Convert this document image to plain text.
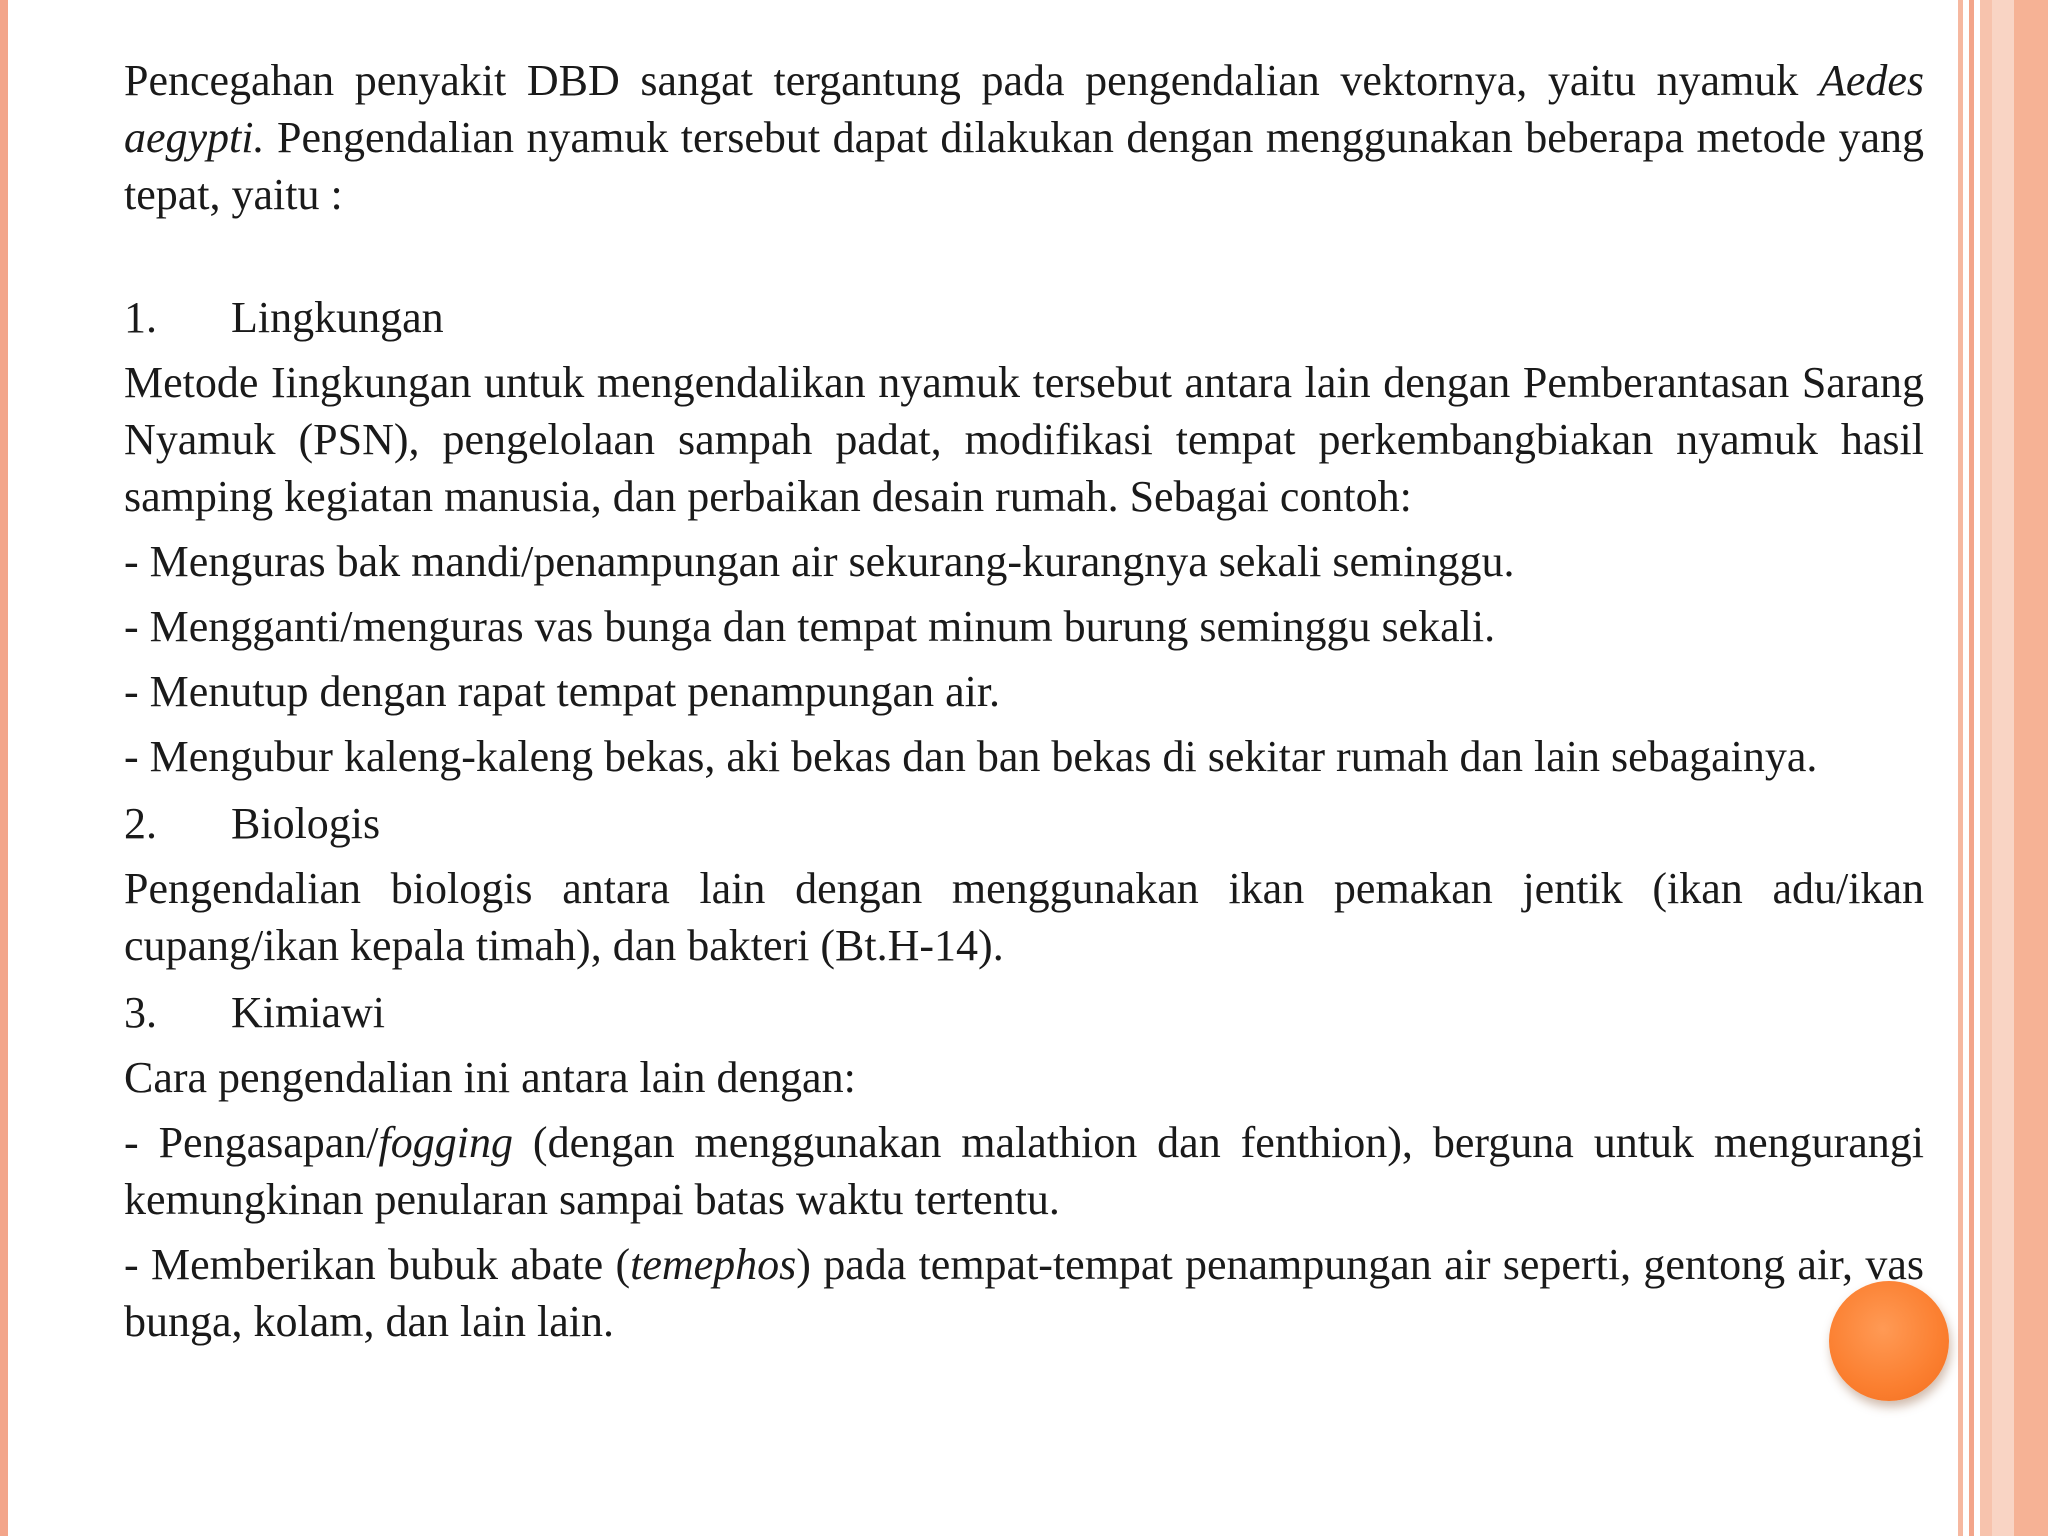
Pencegahan penyakit DBD sangat tergantung pada pengendalian vektornya, yaitu nyamuk Aedes aegypti. Pengendalian nyamuk tersebut dapat dilakukan dengan menggunakan beberapa metode yang tepat, yaitu :

1.	Lingkungan

Metode Iingkungan untuk mengendalikan nyamuk tersebut antara lain dengan Pemberantasan Sarang Nyamuk (PSN), pengelolaan sampah padat, modifikasi tempat perkembangbiakan nyamuk hasil samping kegiatan manusia, dan perbaikan desain rumah. Sebagai contoh:

- Menguras bak mandi/penampungan air sekurang-kurangnya sekali seminggu.

- Mengganti/menguras vas bunga dan tempat minum burung seminggu sekali.

- Menutup dengan rapat tempat penampungan air.

- Mengubur kaleng-kaleng bekas, aki bekas dan ban bekas di sekitar rumah dan lain sebagainya.

2.	Biologis

Pengendalian biologis antara lain dengan menggunakan ikan pemakan jentik (ikan adu/ikan cupang/ikan kepala timah), dan bakteri (Bt.H-14).

3.	Kimiawi

Cara pengendalian ini antara lain dengan:

- Pengasapan/fogging (dengan menggunakan malathion dan fenthion), berguna untuk mengurangi kemungkinan penularan sampai batas waktu tertentu.

- Memberikan bubuk abate (temephos) pada tempat-tempat penampungan air seperti, gentong air, vas bunga, kolam, dan lain lain.
